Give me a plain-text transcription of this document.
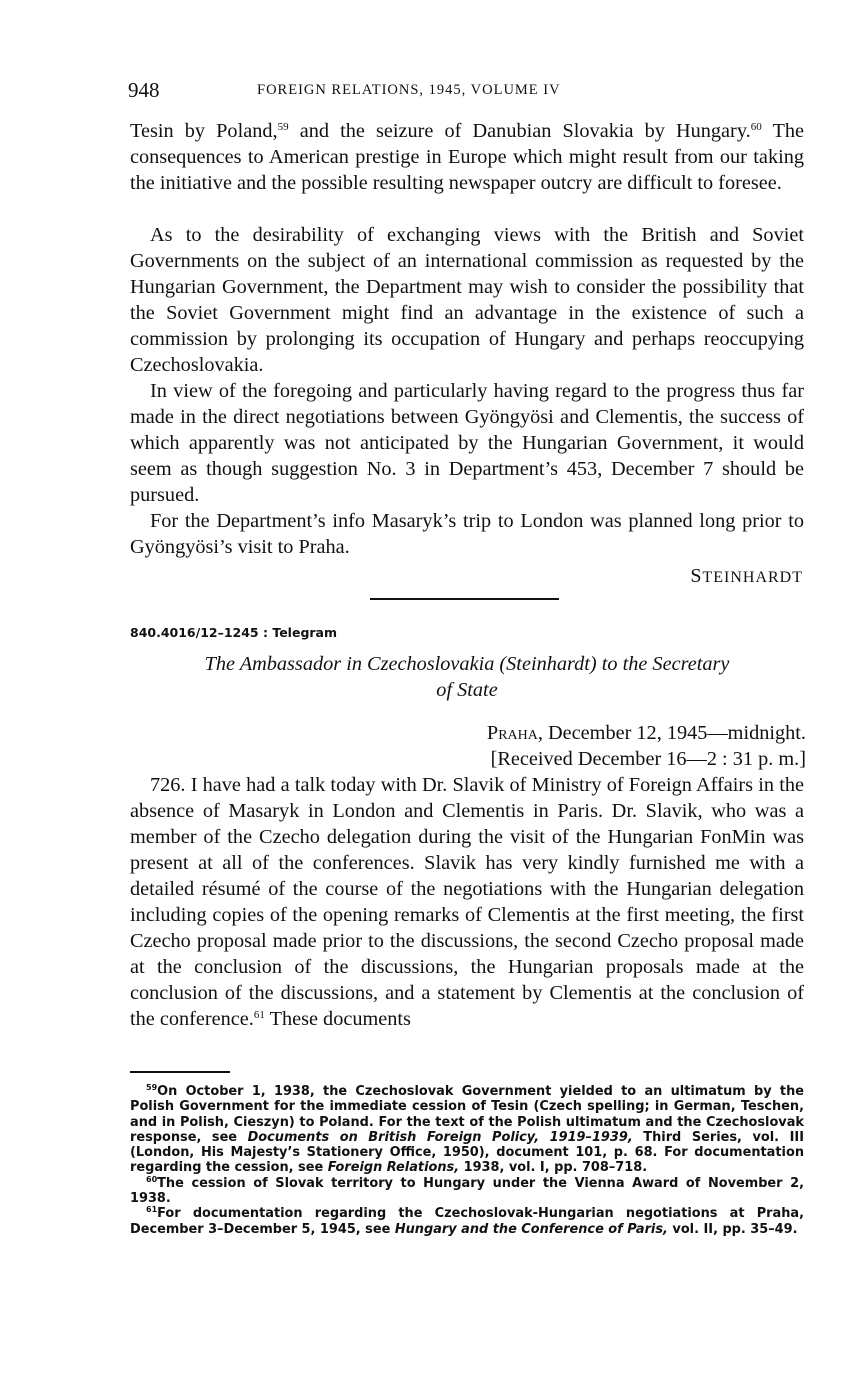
948	FOREIGN RELATIONS, 1945, VOLUME IV

Tesin by Poland,$^{59}$ and the seizure of Danubian Slovakia by Hungary.$^{60}$ The consequences to American prestige in Europe which might result from our taking the initiative and the possible resulting newspaper outcry are difficult to foresee.

As to the desirability of exchanging views with the British and Soviet Governments on the subject of an international commission as requested by the Hungarian Government, the Department may wish to consider the possibility that the Soviet Government might find an advantage in the existence of such a commission by prolonging its occupation of Hungary and perhaps reoccupying Czechoslovakia.

In view of the foregoing and particularly having regard to the progress thus far made in the direct negotiations between Gyöngyösi and Clementis, the success of which apparently was not anticipated by the Hungarian Government, it would seem as though suggestion No. 3 in Department’s 453, December 7 should be pursued.

For the Department’s info Masaryk’s trip to London was planned long prior to Gyöngyösi’s visit to Praha.

STEINHARDT
840.4016/12–1245 : Telegram

The Ambassador in Czechoslovakia (Steinhardt) to the Secretary
of State

Praha, December 12, 1945—midnight.
[Received December 16—2 : 31 p. m.]

726. I have had a talk today with Dr. Slavik of Ministry of Foreign Affairs in the absence of Masaryk in London and Clementis in Paris. Dr. Slavik, who was a member of the Czecho delegation during the visit of the Hungarian FonMin was present at all of the conferences. Slavik has very kindly furnished me with a detailed résumé of the course of the negotiations with the Hungarian delegation including copies of the opening remarks of Clementis at the first meeting, the first Czecho proposal made prior to the discussions, the second Czecho proposal made at the conclusion of the discussions, the Hungarian proposals made at the conclusion of the discussions, and a statement by Clementis at the conclusion of the conference.$^{61}$ These documents

$^{59}$On October 1, 1938, the Czechoslovak Government yielded to an ultimatum by the Polish Government for the immediate cession of Tesin (Czech spelling; in German, Teschen, and in Polish, Cieszyn) to Poland. For the text of the Polish ultimatum and the Czechoslovak response, see Documents on British Foreign Policy, 1919–1939, Third Series, vol. III (London, His Majesty’s Stationery Office, 1950), document 101, p. 68. For documentation regarding the cession, see Foreign Relations, 1938, vol. I, pp. 708–718.

$^{60}$The cession of Slovak territory to Hungary under the Vienna Award of November 2, 1938.

$^{61}$For documentation regarding the Czechoslovak-Hungarian negotiations at Praha, December 3–December 5, 1945, see Hungary and the Conference of Paris, vol. II, pp. 35–49.
